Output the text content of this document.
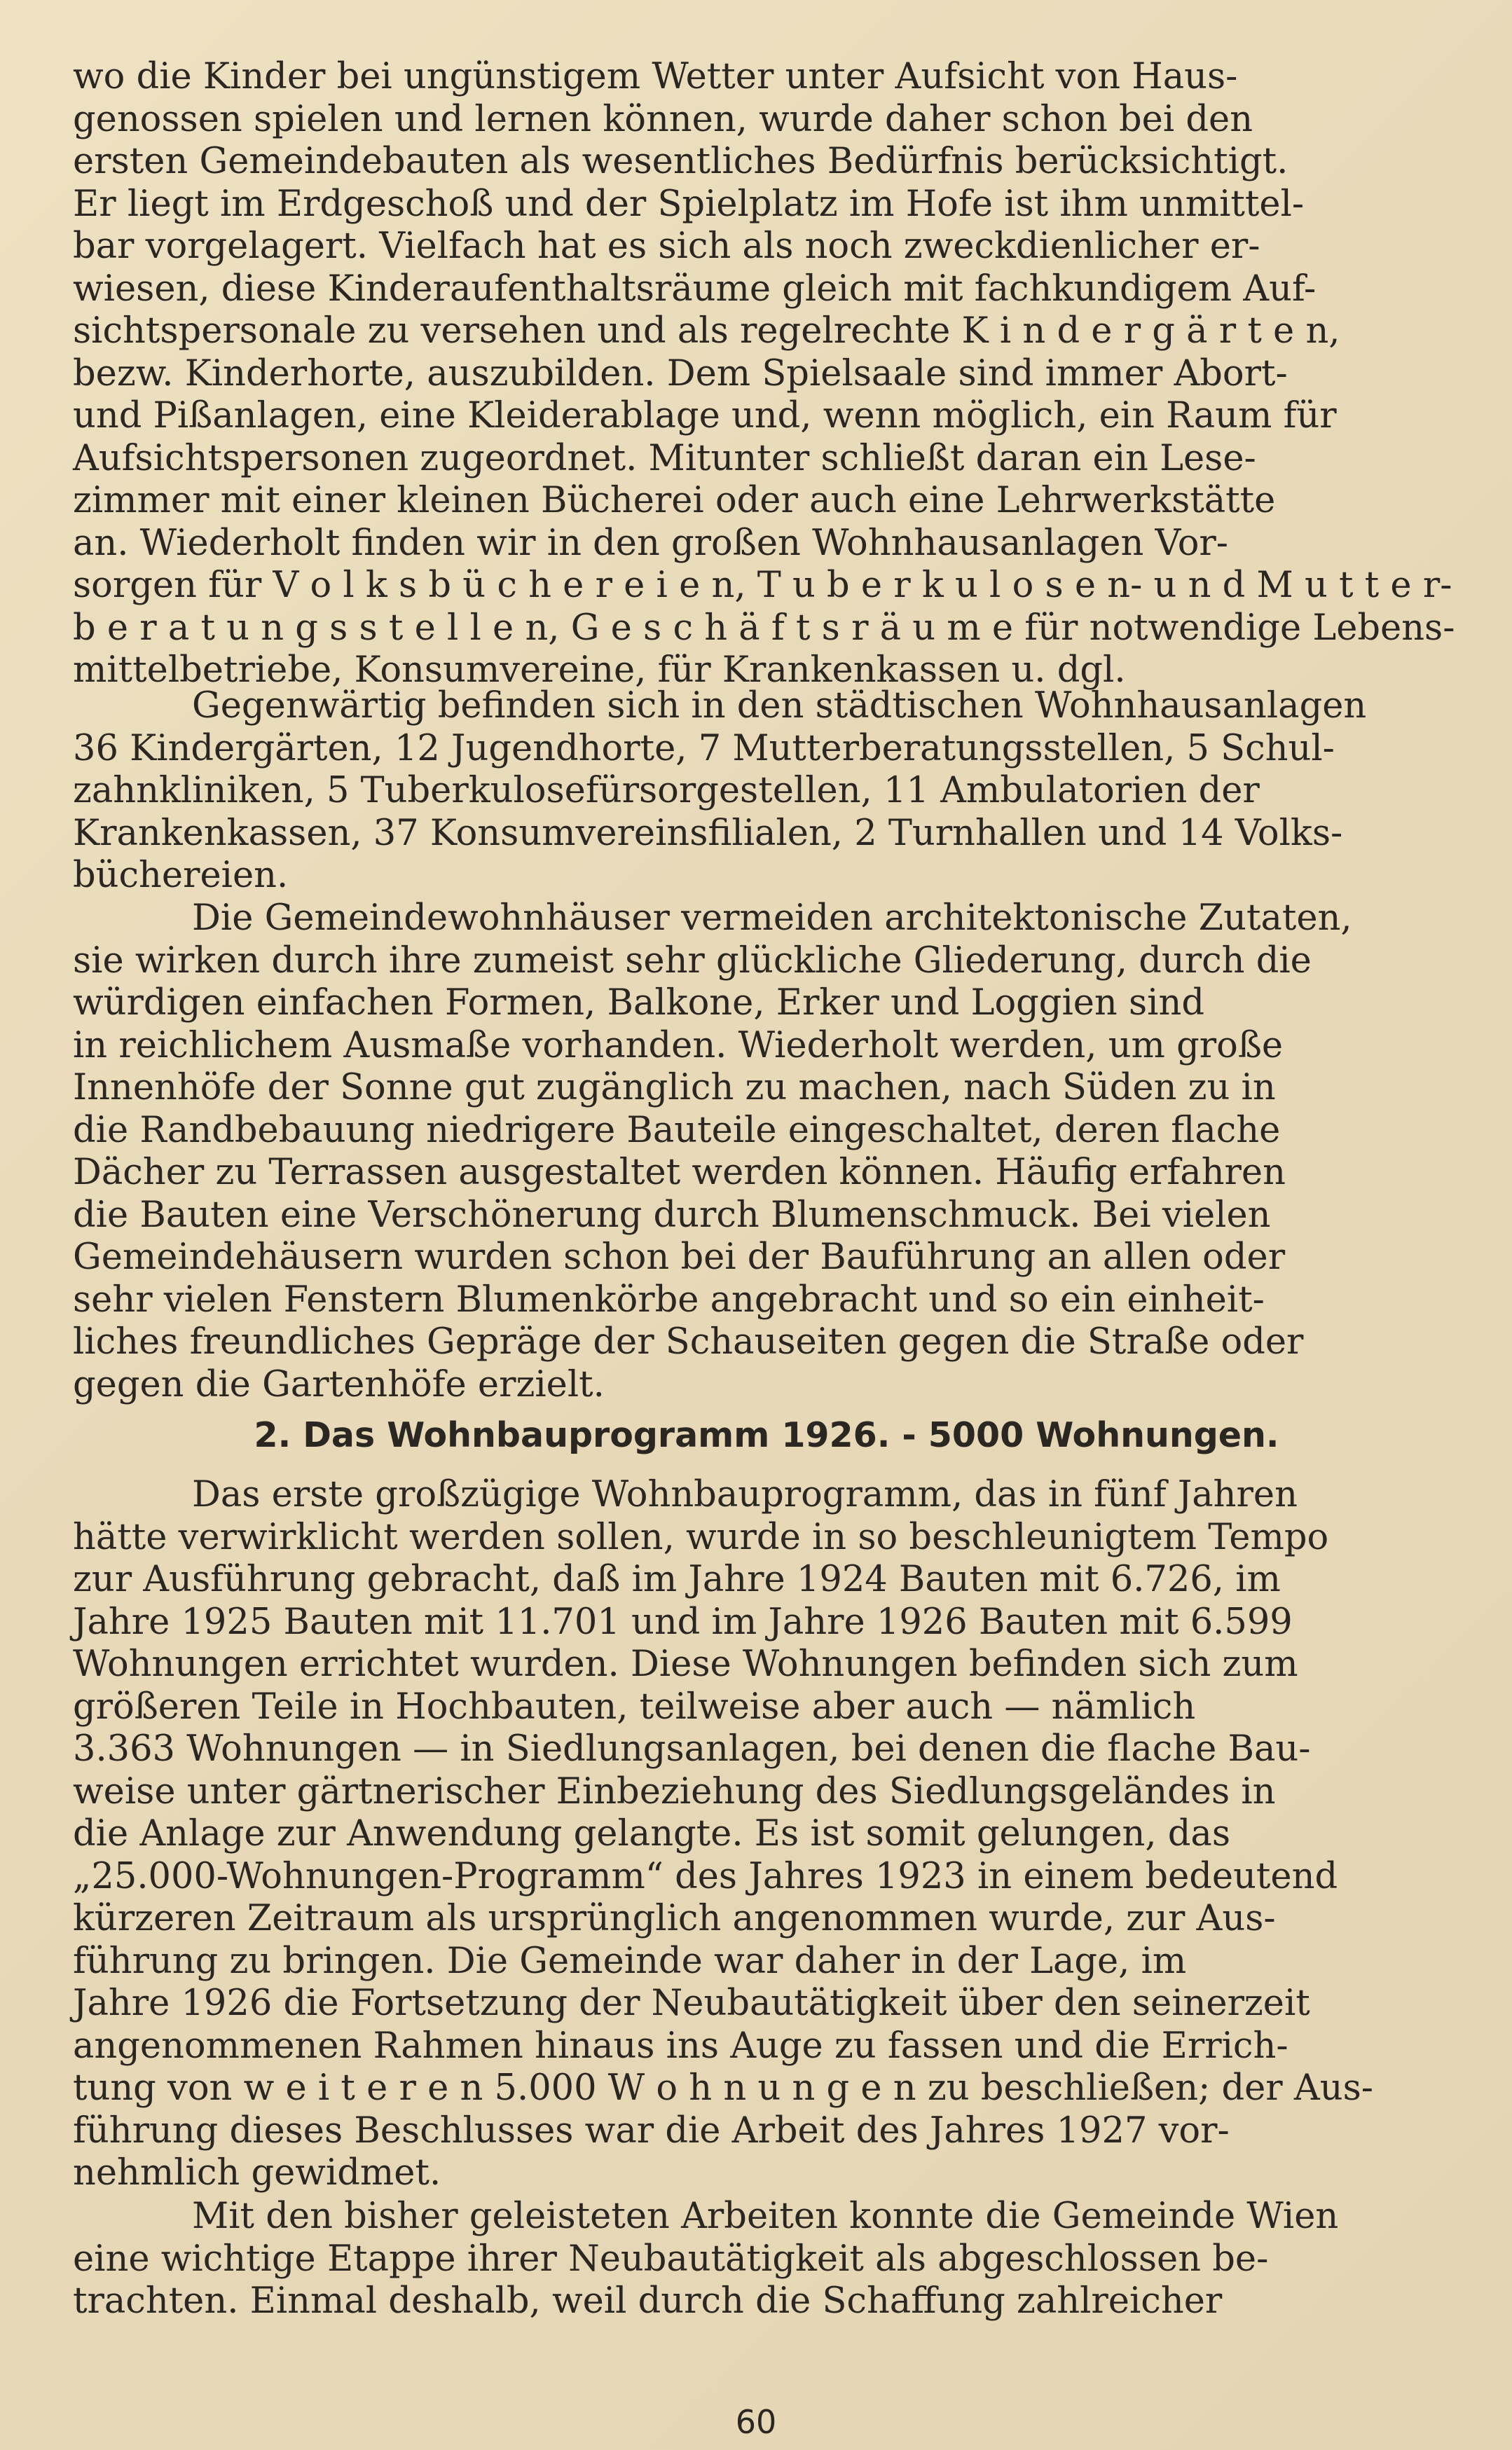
wo die Kinder bei ungünstigem Wetter unter Aufsicht von Haus-
genossen spielen und lernen können, wurde daher schon bei den
ersten Gemeindebauten als wesentliches Bedürfnis berücksichtigt.
Er liegt im Erdgeschoß und der Spielplatz im Hofe ist ihm unmittel-
bar vorgelagert. Vielfach hat es sich als noch zweckdienlicher er-
wiesen, diese Kinderaufenthaltsräume gleich mit fachkundigem Auf-
sichtspersonale zu versehen und als regelrechte K i n d e r g ä r t e n,
bezw. Kinderhorte, auszubilden. Dem Spielsaale sind immer Abort-
und Pißanlagen, eine Kleiderablage und, wenn möglich, ein Raum für
Aufsichtspersonen zugeordnet. Mitunter schließt daran ein Lese-
zimmer mit einer kleinen Bücherei oder auch eine Lehrwerkstätte
an. Wiederholt finden wir in den großen Wohnhausanlagen Vor-
sorgen für V o l k s b ü c h e r e i e n, T u b e r k u l o s e n- u n d M u t t e r-
b e r a t u n g s s t e l l e n, G e s c h ä f t s r ä u m e für notwendige Lebens-
mittelbetriebe, Konsumvereine, für Krankenkassen u. dgl.
Gegenwärtig befinden sich in den städtischen Wohnhausanlagen
36 Kindergärten, 12 Jugendhorte, 7 Mutterberatungsstellen, 5 Schul-
zahnkliniken, 5 Tuberkulosefürsorgestellen, 11 Ambulatorien der
Krankenkassen, 37 Konsumvereinsfilialen, 2 Turnhallen und 14 Volks-
büchereien.
Die Gemeindewohnhäuser vermeiden architektonische Zutaten,
sie wirken durch ihre zumeist sehr glückliche Gliederung, durch die
würdigen einfachen Formen, Balkone, Erker und Loggien sind
in reichlichem Ausmaße vorhanden. Wiederholt werden, um große
Innenhöfe der Sonne gut zugänglich zu machen, nach Süden zu in
die Randbebauung niedrigere Bauteile eingeschaltet, deren flache
Dächer zu Terrassen ausgestaltet werden können. Häufig erfahren
die Bauten eine Verschönerung durch Blumenschmuck. Bei vielen
Gemeindehäusern wurden schon bei der Bauführung an allen oder
sehr vielen Fenstern Blumenkörbe angebracht und so ein einheit-
liches freundliches Gepräge der Schauseiten gegen die Straße oder
gegen die Gartenhöfe erzielt.
2. Das Wohnbauprogramm 1926. - 5000 Wohnungen.
Das erste großzügige Wohnbauprogramm, das in fünf Jahren
hätte verwirklicht werden sollen, wurde in so beschleunigtem Tempo
zur Ausführung gebracht, daß im Jahre 1924 Bauten mit 6.726, im
Jahre 1925 Bauten mit 11.701 und im Jahre 1926 Bauten mit 6.599
Wohnungen errichtet wurden. Diese Wohnungen befinden sich zum
größeren Teile in Hochbauten, teilweise aber auch — nämlich
3.363 Wohnungen — in Siedlungsanlagen, bei denen die flache Bau-
weise unter gärtnerischer Einbeziehung des Siedlungsgeländes in
die Anlage zur Anwendung gelangte. Es ist somit gelungen, das
„25.000-Wohnungen-Programm“ des Jahres 1923 in einem bedeutend
kürzeren Zeitraum als ursprünglich angenommen wurde, zur Aus-
führung zu bringen. Die Gemeinde war daher in der Lage, im
Jahre 1926 die Fortsetzung der Neubautätigkeit über den seinerzeit
angenommenen Rahmen hinaus ins Auge zu fassen und die Errich-
tung von w e i t e r e n 5.000 W o h n u n g e n zu beschließen; der Aus-
führung dieses Beschlusses war die Arbeit des Jahres 1927 vor-
nehmlich gewidmet.
Mit den bisher geleisteten Arbeiten konnte die Gemeinde Wien
eine wichtige Etappe ihrer Neubautätigkeit als abgeschlossen be-
trachten. Einmal deshalb, weil durch die Schaffung zahlreicher
60
